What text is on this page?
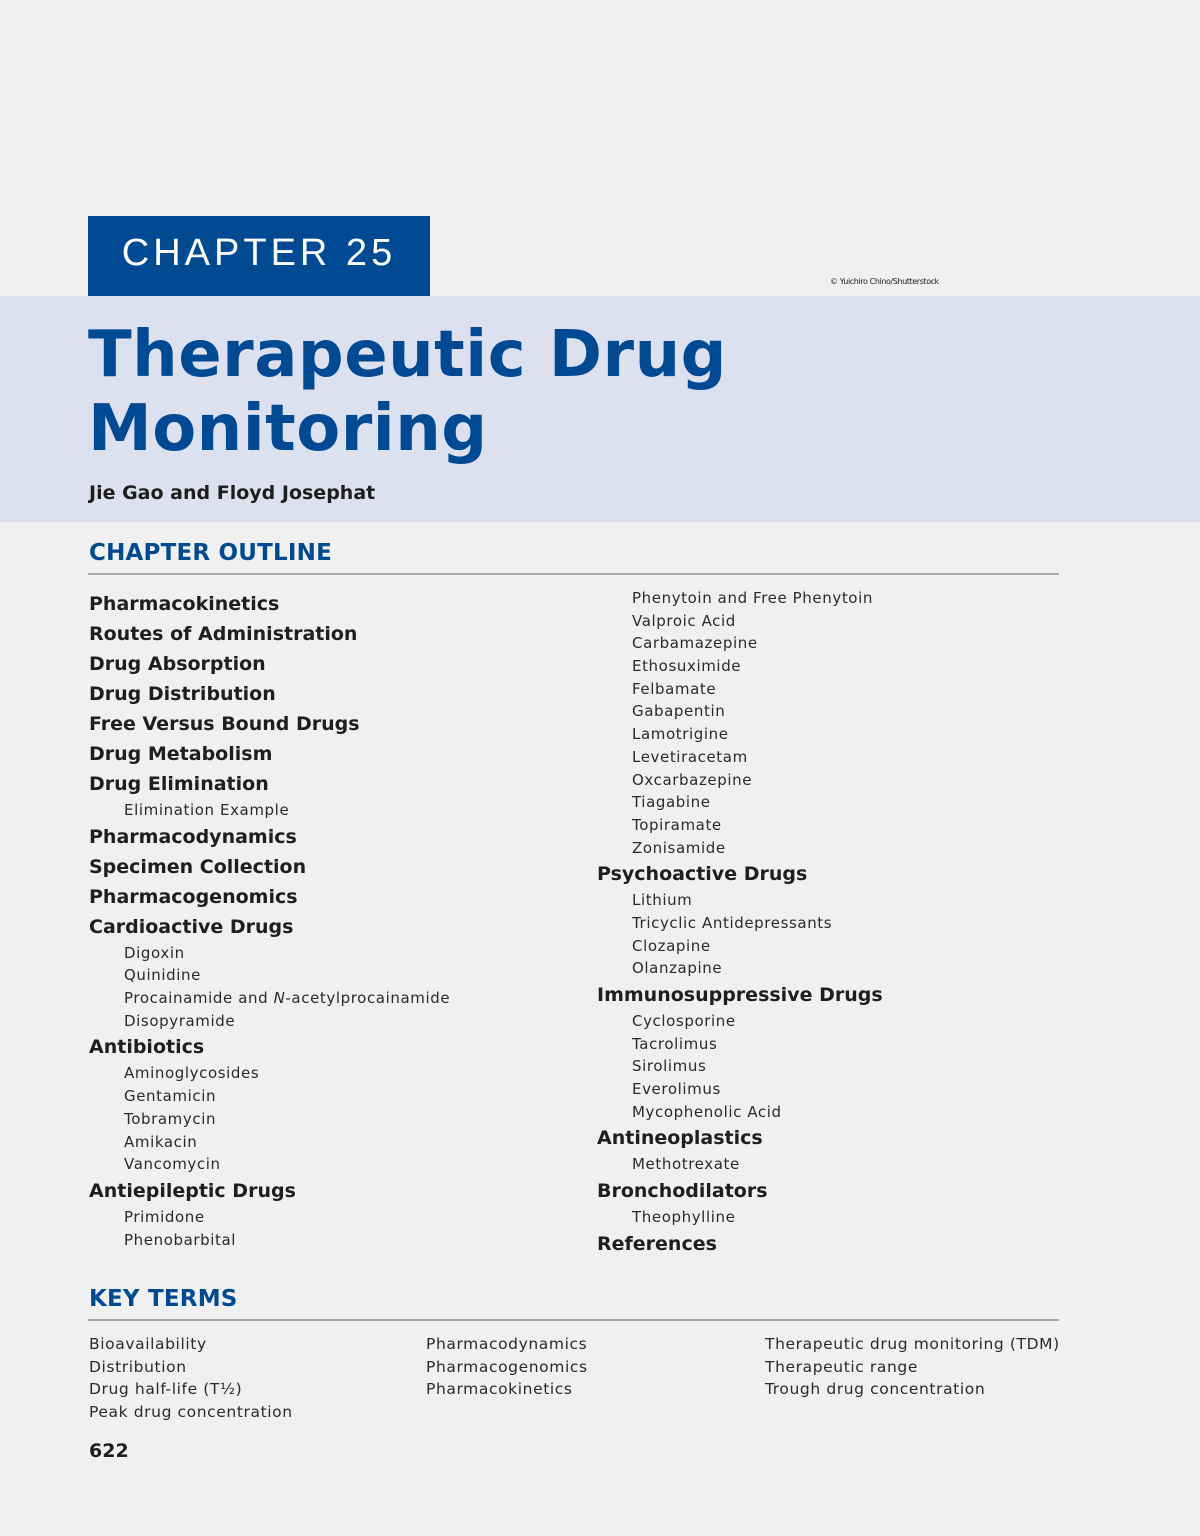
CHAPTER 25
© Yuichiro Chino/Shutterstock
Therapeutic Drug
Monitoring
Jie Gao and Floyd Josephat
CHAPTER OUTLINE
Pharmacokinetics
Routes of Administration
Drug Absorption
Drug Distribution
Free Versus Bound Drugs
Drug Metabolism
Drug Elimination
Elimination Example
Pharmacodynamics
Specimen Collection
Pharmacogenomics
Cardioactive Drugs
Digoxin
Quinidine
Procainamide and N-acetylprocainamide
Disopyramide
Antibiotics
Aminoglycosides
Gentamicin
Tobramycin
Amikacin
Vancomycin
Antiepileptic Drugs
Primidone
Phenobarbital
Phenytoin and Free Phenytoin
Valproic Acid
Carbamazepine
Ethosuximide
Felbamate
Gabapentin
Lamotrigine
Levetiracetam
Oxcarbazepine
Tiagabine
Topiramate
Zonisamide
Psychoactive Drugs
Lithium
Tricyclic Antidepressants
Clozapine
Olanzapine
Immunosuppressive Drugs
Cyclosporine
Tacrolimus
Sirolimus
Everolimus
Mycophenolic Acid
Antineoplastics
Methotrexate
Bronchodilators
Theophylline
References
KEY TERMS
Bioavailability
Distribution
Drug half-life (T½)
Peak drug concentration
Pharmacodynamics
Pharmacogenomics
Pharmacokinetics
Therapeutic drug monitoring (TDM)
Therapeutic range
Trough drug concentration
622
